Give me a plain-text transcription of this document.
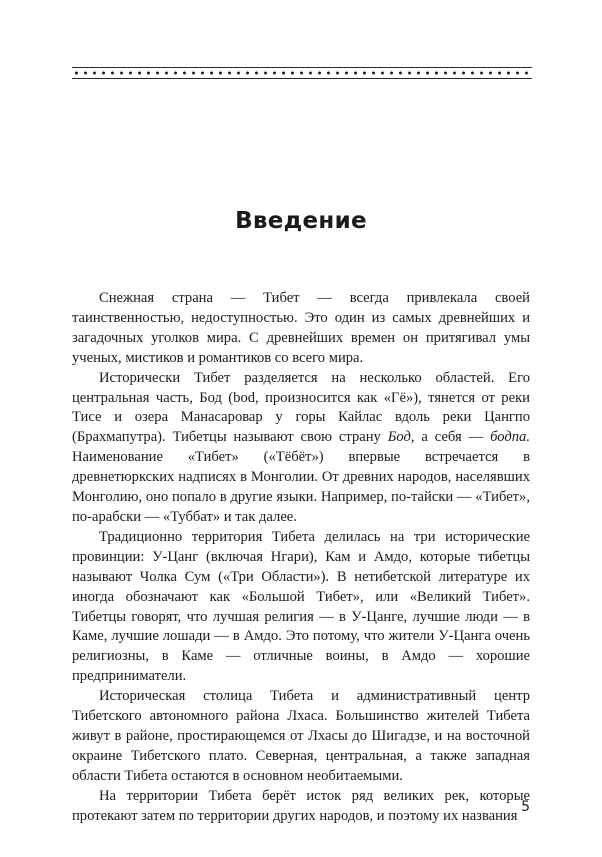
Введение

Снежная страна — Тибет — всегда привлекала своей таинственностью, недоступностью. Это один из самых древнейших и загадочных уголков мира. С древнейших времен он притягивал умы ученых, мистиков и романтиков со всего мира.

Исторически Тибет разделяется на несколько областей. Его центральная часть, Бод (bod, произносится как «Гё»), тянется от реки Тисе и озера Манасаровар у горы Кайлас вдоль реки Цангпо (Брахмапутра). Тибетцы называют свою страну Бод, а себя — бодпа. Наименование «Тибет» («Тёбёт») впервые встречается в древнетюркских надписях в Монголии. От древних народов, населявших Монголию, оно попало в другие языки. Например, по-тайски — «Тибет», по-арабски — «Туббат» и так далее.

Традиционно территория Тибета делилась на три исторические провинции: У-Цанг (включая Нгари), Кам и Амдо, которые тибетцы называют Чолка Сум («Три Области»). В нетибетской литературе их иногда обозначают как «Большой Тибет», или «Великий Тибет». Тибетцы говорят, что лучшая религия — в У-Цанге, лучшие люди — в Каме, лучшие лошади — в Амдо. Это потому, что жители У-Цанга очень религиозны, в Каме — отличные воины, в Амдо — хорошие предприниматели.

Историческая столица Тибета и административный центр Тибетского автономного района Лхаса. Большинство жителей Тибета живут в районе, простирающемся от Лхасы до Шигадзе, и на восточной окраине Тибетского плато. Северная, центральная, а также западная области Тибета остаются в основном необитаемыми.

На территории Тибета берёт исток ряд великих рек, которые протекают затем по территории других народов, и поэтому их названия

5
